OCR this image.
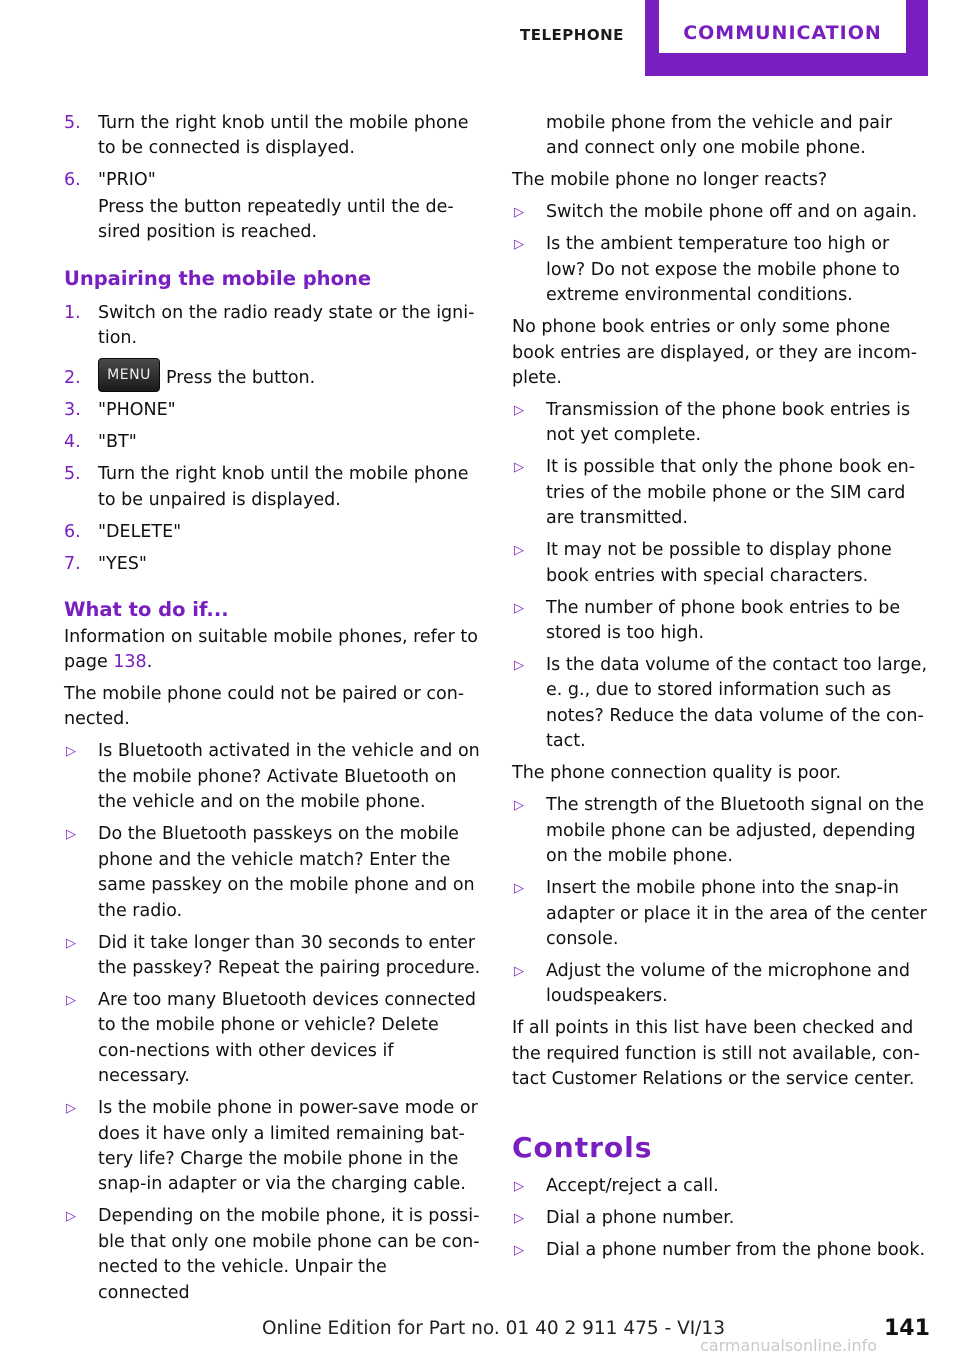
TELEPHONE	COMMUNICATION
5. Turn the right knob until the mobile phone to be connected is displayed.
6. "PRIO"
Press the button repeatedly until the de‐sired position is reached.
Unpairing the mobile phone
1. Switch on the radio ready state or the igni‐tion.
2.	MENU Press the button.
3. "PHONE"
4. "BT"
5. Turn the right knob until the mobile phone to be unpaired is displayed.
6. "DELETE"
7. "YES"
What to do if...
Information on suitable mobile phones, refer to page 138.
The mobile phone could not be paired or con‐nected.
▷ Is Bluetooth activated in the vehicle and on the mobile phone? Activate Bluetooth on the vehicle and on the mobile phone.
▷ Do the Bluetooth passkeys on the mobile phone and the vehicle match? Enter the same passkey on the mobile phone and on the radio.
▷ Did it take longer than 30 seconds to enter the passkey? Repeat the pairing procedure.
▷ Are too many Bluetooth devices connected to the mobile phone or vehicle? Delete con‐nections with other devices if necessary.
▷ Is the mobile phone in power-save mode or does it have only a limited remaining bat‐tery life? Charge the mobile phone in the snap-in adapter or via the charging cable.
▷ Depending on the mobile phone, it is possi‐ble that only one mobile phone can be con‐nected to the vehicle. Unpair the connected
mobile phone from the vehicle and pair and connect only one mobile phone.
The mobile phone no longer reacts?
▷ Switch the mobile phone off and on again.
▷ Is the ambient temperature too high or low? Do not expose the mobile phone to extreme environmental conditions.
No phone book entries or only some phone book entries are displayed, or they are incom‐plete.
▷ Transmission of the phone book entries is not yet complete.
▷ It is possible that only the phone book en‐tries of the mobile phone or the SIM card are transmitted.
▷ It may not be possible to display phone book entries with special characters.
▷ The number of phone book entries to be stored is too high.
▷ Is the data volume of the contact too large, e. g., due to stored information such as notes? Reduce the data volume of the con‐tact.
The phone connection quality is poor.
▷ The strength of the Bluetooth signal on the mobile phone can be adjusted, depending on the mobile phone.
▷ Insert the mobile phone into the snap-in adapter or place it in the area of the center console.
▷ Adjust the volume of the microphone and loudspeakers.
If all points in this list have been checked and the required function is still not available, con‐tact Customer Relations or the service center.
Controls
▷ Accept/reject a call.
▷ Dial a phone number.
▷ Dial a phone number from the phone book.
Online Edition for Part no. 01 40 2 911 475 - VI/13	141
carmanualsonline.info
